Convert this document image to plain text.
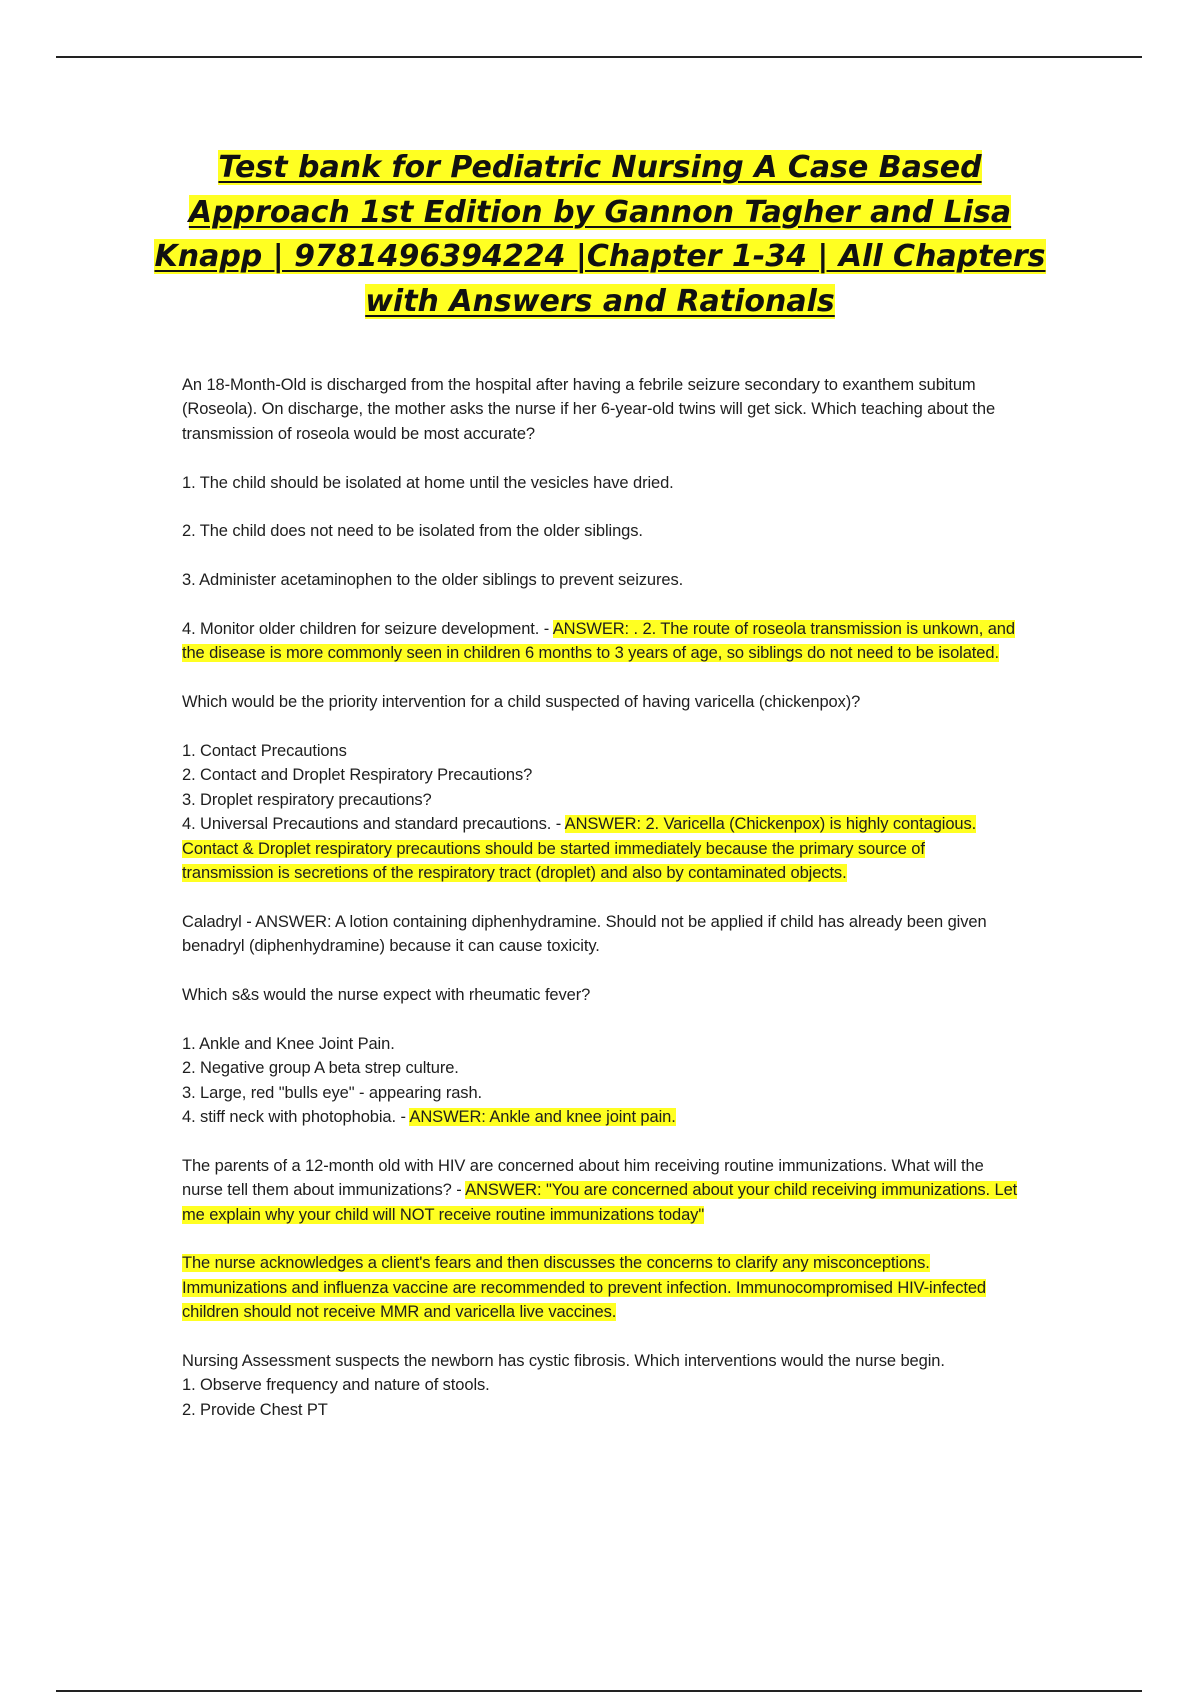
Test bank for Pediatric Nursing A Case Based Approach 1st Edition by Gannon Tagher and Lisa Knapp | 9781496394224 |Chapter 1-34 | All Chapters with Answers and Rationals

An 18-Month-Old is discharged from the hospital after having a febrile seizure secondary to exanthem subitum (Roseola). On discharge, the mother asks the nurse if her 6-year-old twins will get sick. Which teaching about the transmission of roseola would be most accurate?

1. The child should be isolated at home until the vesicles have dried.

2. The child does not need to be isolated from the older siblings.

3. Administer acetaminophen to the older siblings to prevent seizures.

4. Monitor older children for seizure development. - ANSWER: . 2. The route of roseola transmission is unkown, and the disease is more commonly seen in children 6 months to 3 years of age, so siblings do not need to be isolated.

Which would be the priority intervention for a child suspected of having varicella (chickenpox)?

1. Contact Precautions

2. Contact and Droplet Respiratory Precautions?

3. Droplet respiratory precautions?

4. Universal Precautions and standard precautions. - ANSWER: 2. Varicella (Chickenpox) is highly contagious. Contact & Droplet respiratory precautions should be started immediately because the primary source of transmission is secretions of the respiratory tract (droplet) and also by contaminated objects.

Caladryl - ANSWER: A lotion containing diphenhydramine. Should not be applied if child has already been given benadryl (diphenhydramine) because it can cause toxicity.

Which s&s would the nurse expect with rheumatic fever?

1. Ankle and Knee Joint Pain.

2. Negative group A beta strep culture.

3. Large, red "bulls eye" - appearing rash.

4. stiff neck with photophobia. - ANSWER: Ankle and knee joint pain.

The parents of a 12-month old with HIV are concerned about him receiving routine immunizations. What will the nurse tell them about immunizations? - ANSWER: "You are concerned about your child receiving immunizations. Let me explain why your child will NOT receive routine immunizations today"

The nurse acknowledges a client's fears and then discusses the concerns to clarify any misconceptions. Immunizations and influenza vaccine are recommended to prevent infection. Immunocompromised HIV-infected children should not receive MMR and varicella live vaccines.

Nursing Assessment suspects the newborn has cystic fibrosis. Which interventions would the nurse begin.

1. Observe frequency and nature of stools.

2. Provide Chest PT
